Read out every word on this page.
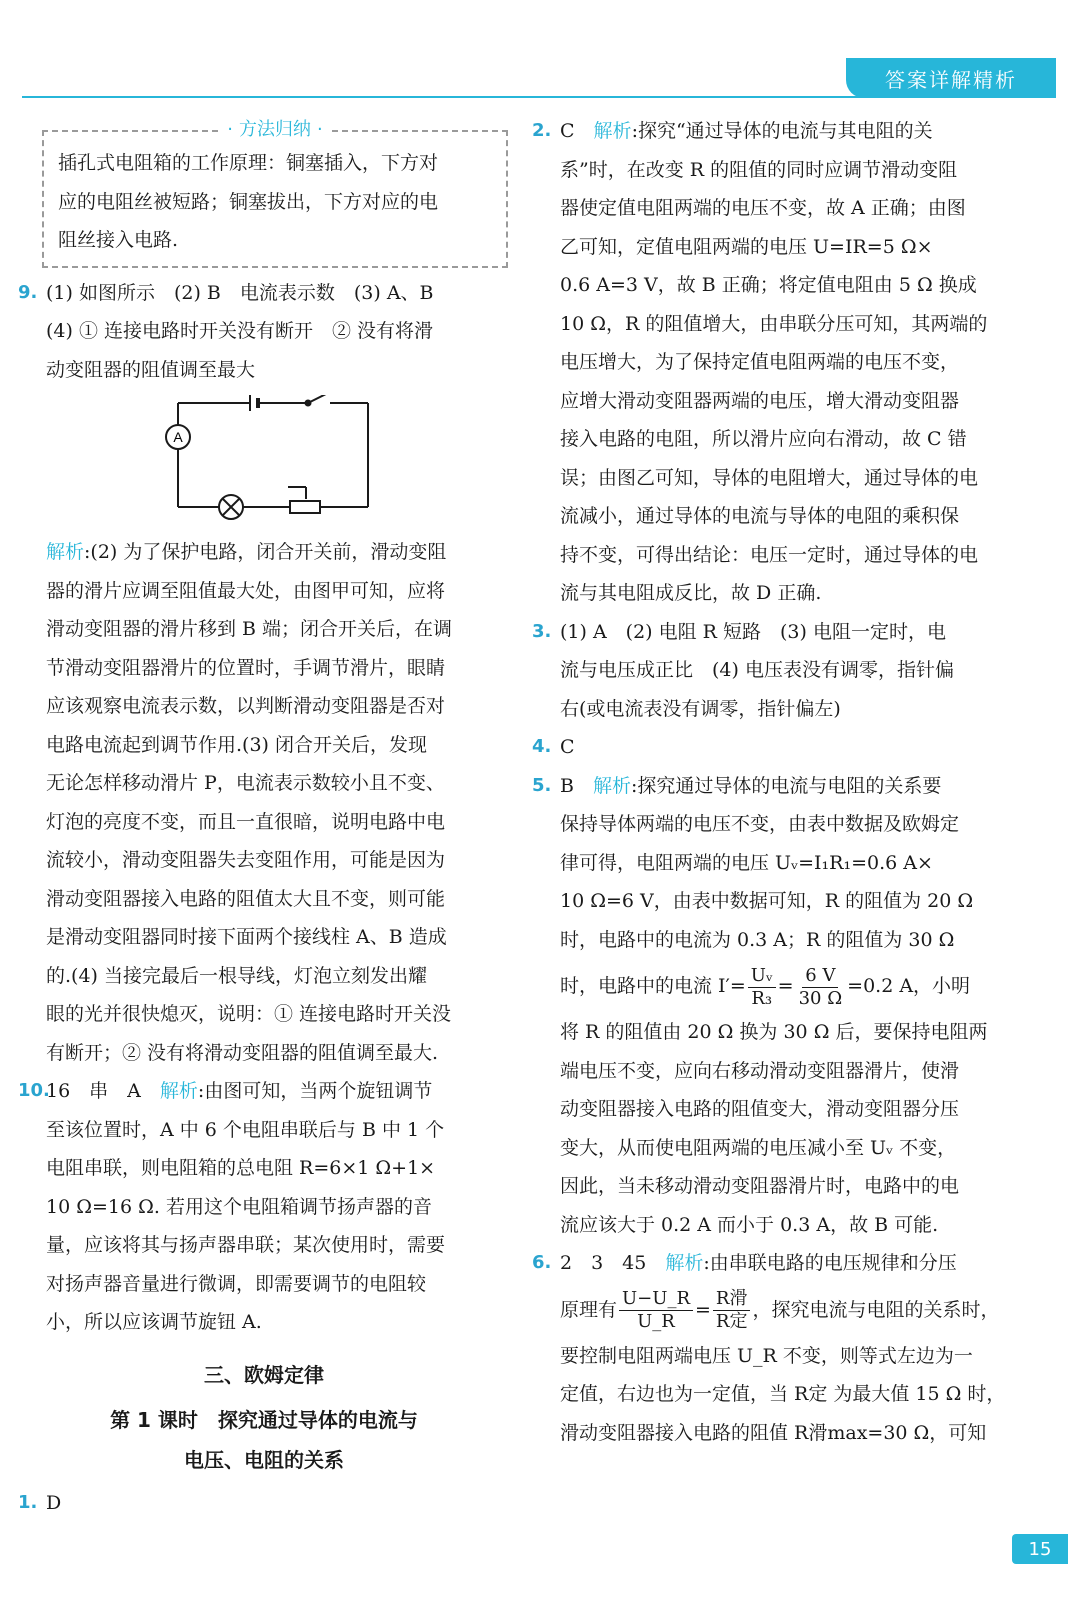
答案详解精析
· 方法归纳 ·
插孔式电阻箱的工作原理：铜塞插入，下方对
应的电阻丝被短路；铜塞拔出，下方对应的电
阻丝接入电路.
9. (1) 如图所示　(2) B　电流表示数　(3) A、B
(4) ① 连接电路时开关没有断开　② 没有将滑
动变阻器的阻值调至最大
A
解析:(2) 为了保护电路，闭合开关前，滑动变阻
器的滑片应调至阻值最大处，由图甲可知，应将
滑动变阻器的滑片移到 B 端；闭合开关后，在调
节滑动变阻器滑片的位置时，手调节滑片，眼睛
应该观察电流表示数，以判断滑动变阻器是否对
电路电流起到调节作用.(3) 闭合开关后，发现
无论怎样移动滑片 P，电流表示数较小且不变、
灯泡的亮度不变，而且一直很暗，说明电路中电
流较小，滑动变阻器失去变阻作用，可能是因为
滑动变阻器接入电路的阻值太大且不变，则可能
是滑动变阻器同时接下面两个接线柱 A、B 造成
的.(4) 当接完最后一根导线，灯泡立刻发出耀
眼的光并很快熄灭，说明：① 连接电路时开关没
有断开；② 没有将滑动变阻器的阻值调至最大.
10.
16　串　A　解析:由图可知，当两个旋钮调节
至该位置时，A 中 6 个电阻串联后与 B 中 1 个
电阻串联，则电阻箱的总电阻 R=6×1 Ω+1×
10 Ω=16 Ω. 若用这个电阻箱调节扬声器的音
量，应该将其与扬声器串联；某次使用时，需要
对扬声器音量进行微调，即需要调节的电阻较
小，所以应该调节旋钮 A.
三、欧姆定律
第 1 课时　探究通过导体的电流与
电压、电阻的关系
1. D
2. C　解析:探究“通过导体的电流与其电阻的关
系”时，在改变 R 的阻值的同时应调节滑动变阻
器使定值电阻两端的电压不变，故 A 正确；由图
乙可知，定值电阻两端的电压 U=IR=5 Ω×
0.6 A=3 V，故 B 正确；将定值电阻由 5 Ω 换成
10 Ω，R 的阻值增大，由串联分压可知，其两端的
电压增大，为了保持定值电阻两端的电压不变，
应增大滑动变阻器两端的电压，增大滑动变阻器
接入电路的电阻，所以滑片应向右滑动，故 C 错
误；由图乙可知，导体的电阻增大，通过导体的电
流减小，通过导体的电流与导体的电阻的乘积保
持不变，可得出结论：电压一定时，通过导体的电
流与其电阻成反比，故 D 正确.
3. (1) A　(2) 电阻 R 短路　(3) 电阻一定时，电
流与电压成正比　(4) 电压表没有调零，指针偏
右(或电流表没有调零，指针偏左)
4. C
5. B　解析:探究通过导体的电流与电阻的关系要
保持导体两端的电压不变，由表中数据及欧姆定
律可得，电阻两端的电压 Uᵥ=I₁R₁=0.6 A×
10 Ω=6 V，由表中数据可知，R 的阻值为 20 Ω
时，电路中的电流为 0.3 A；R 的阻值为 30 Ω
时，电路中的电流 $I'= \frac{\text{Uᵥ}}{\text{R₃}} = \frac{6 V}{30 \Omega} =0.2$ A，小明
将 R 的阻值由 20 Ω 换为 30 Ω 后，要保持电阻两
端电压不变，应向右移动滑动变阻器滑片，使滑
动变阻器接入电路的阻值变大，滑动变阻器分压
变大，从而使电阻两端的电压减小至 Uᵥ 不变，
因此，当未移动滑动变阻器滑片时，电路中的电
流应该大于 0.2 A 而小于 0.3 A，故 B 可能.
6. 2　3　45　解析:由串联电路的电压规律和分压
原理有 $\frac{U-U\_R}{U\_R} = \frac{\text{R滑}}{\text{R定}}$ ，探究电流与电阻的关系时，
要控制电阻两端电压 U_R 不变，则等式左边为一
定值，右边也为一定值，当 R定 为最大值 15 Ω 时，
滑动变阻器接入电路的阻值 R滑max=30 Ω，可知
15
